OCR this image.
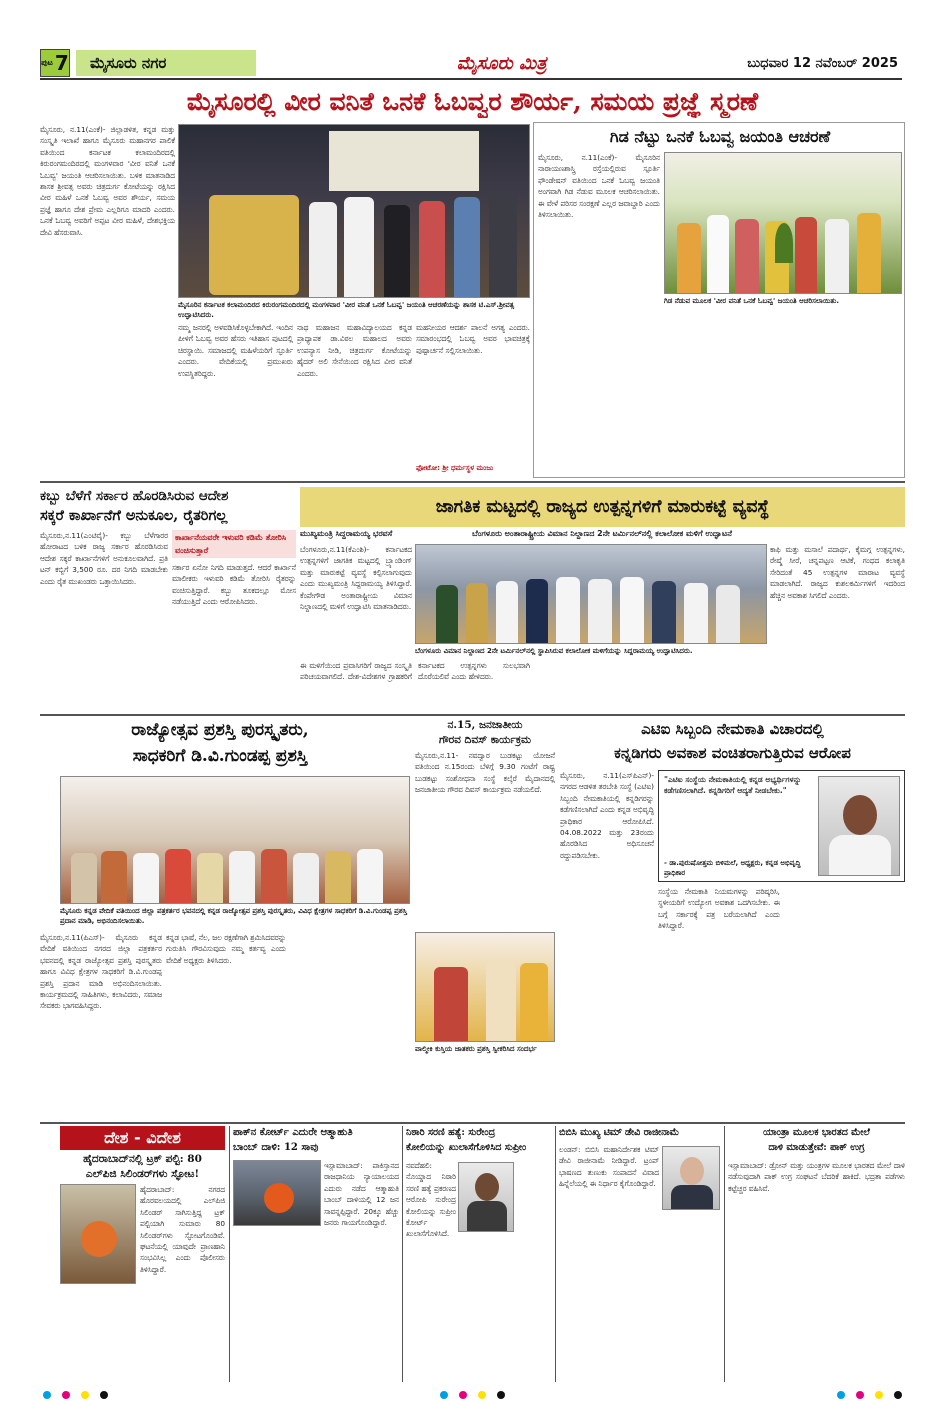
ಪುಟ 7	ಮೈಸೂರು ನಗರ	ಮೈಸೂರು ಮಿತ್ರ	ಬುಧವಾರ 12 ನವೆಂಬರ್ 2025
ಮೈಸೂರಲ್ಲಿ ವೀರ ವನಿತೆ ಒನಕೆ ಓಬವ್ವರ ಶೌರ್ಯ, ಸಮಯ ಪ್ರಜ್ಞೆ ಸ್ಮರಣೆ
ಮೈಸೂರು, ನ.11(ಎಂಕೆ)- ಜಿಲ್ಲಾಡಳಿತ, ಕನ್ನಡ ಮತ್ತು ಸಂಸ್ಕೃತಿ ಇಲಾಖೆ ಹಾಗೂ ಮೈಸೂರು ಮಹಾನಗರ ಪಾಲಿಕೆ ವತಿಯಿಂದ ಕರ್ನಾಟಕ ಕಲಾಮಂದಿರದಲ್ಲಿ ಕಿರುರಂಗಮಂದಿರದಲ್ಲಿ ಮಂಗಳವಾರ 'ವೀರ ವನಿತೆ ಒನಕೆ ಓಬವ್ವ' ಜಯಂತಿ ಆಚರಿಸಲಾಯಿತು. ಬಳಿಕ ಮಾತನಾಡಿದ ಶಾಸಕ ಶ್ರೀವತ್ಸ ಅವರು ಚಿತ್ರದುರ್ಗ ಕೋಟೆಯನ್ನು ರಕ್ಷಿಸಿದ ವೀರ ಮಹಿಳೆ ಒನಕೆ ಓಬವ್ವ ಅವರ ಶೌರ್ಯ, ಸಮಯ ಪ್ರಜ್ಞೆ ಹಾಗೂ ದೇಶ ಪ್ರೇಮ ಎಲ್ಲರಿಗೂ ಮಾದರಿ ಎಂದರು. ಒನಕೆ ಓಬವ್ವ ಅವರಿಗೆ ಅಪ್ಪಟ ವೀರ ಮಹಿಳೆ, ದೇಶಭಕ್ತಿಯ ದೇವಿ ಹೆಸರುವಾಸಿ.
ಮೈಸೂರಿನ ಕರ್ನಾಟಕ ಕಲಾಮಂದಿರದ ಕಿರುರಂಗಮಂದಿರದಲ್ಲಿ ಮಂಗಳವಾರ 'ವೀರ ವನಿತೆ ಒನಕೆ ಓಬವ್ವ' ಜಯಂತಿ ಆಚರಣೆಯನ್ನು ಶಾಸಕ ಟಿ.ಎಸ್.ಶ್ರೀವತ್ಸ ಉದ್ಘಾಟಿಸಿದರು.
ನಮ್ಮ ಜನರಲ್ಲಿ ಅಳವಡಿಸಿಕೊಳ್ಳಬೇಕಾಗಿದೆ. ಇಂದಿನ ಪೀಳಿಗೆ ಓಬವ್ವ ಅವರ ಹೆಸರು ಇತಿಹಾಸ ಪುಟದಲ್ಲಿ ಚಿರಸ್ಥಾಯಿ. ಸಮಾಜದಲ್ಲಿ ಮಹಿಳೆಯರಿಗೆ ಸ್ಫೂರ್ತಿ ಎಂದರು. ವೇದಿಕೆಯಲ್ಲಿ ಪ್ರಮುಖರು ಉಪಸ್ಥಿತರಿದ್ದರು.
ನಾಥ ಮಹಾಜನ ಮಹಾವಿದ್ಯಾಲಯದ ಕನ್ನಡ ಪ್ರಾಧ್ಯಾಪಕ ಡಾ.ವಿಠಲ ಮಹಾಲದ ಅವರು ಉಪನ್ಯಾಸ ನೀಡಿ, ಚಿತ್ರದುರ್ಗ ಕೋಟೆಯನ್ನು ಹೈದರ್ ಅಲಿ ಸೇನೆಯಿಂದ ರಕ್ಷಿಸಿದ ವೀರ ವನಿತೆ ಎಂದರು.
ಮಹನೀಯರ ಆದರ್ಶ ಪಾಲನೆ ಅಗತ್ಯ ಎಂದರು. ಸಮಾರಂಭದಲ್ಲಿ ಓಬವ್ವ ಅವರ ಭಾವಚಿತ್ರಕ್ಕೆ ಪುಷ್ಪಾರ್ಚನೆ ಸಲ್ಲಿಸಲಾಯಿತು.
ಫೋಟೋ: ಶ್ರೀ ಧರ್ಮಸ್ಥಳ ಮಂಜು
ಗಿಡ ನೆಟ್ಟು ಒನಕೆ ಓಬವ್ವ ಜಯಂತಿ ಆಚರಣೆ
ಮೈಸೂರು, ನ.11(ಎಂಕೆ)- ಮೈಸೂರಿನ ನಾರಾಯಣಶಾಸ್ತ್ರಿ ರಸ್ತೆಯಲ್ಲಿರುವ ಸ್ಪೂರ್ತಿ ಫೌಂಡೇಷನ್ ವತಿಯಿಂದ ಒನಕೆ ಓಬವ್ವ ಜಯಂತಿ ಅಂಗವಾಗಿ ಗಿಡ ನೆಡುವ ಮೂಲಕ ಆಚರಿಸಲಾಯಿತು. ಈ ವೇಳೆ ಪರಿಸರ ಸಂರಕ್ಷಣೆ ಎಲ್ಲರ ಜವಾಬ್ದಾರಿ ಎಂದು ತಿಳಿಸಲಾಯಿತು.
ಗಿಡ ನೆಡುವ ಮೂಲಕ 'ವೀರ ವನಿತೆ ಒನಕೆ ಓಬವ್ವ' ಜಯಂತಿ ಆಚರಿಸಲಾಯಿತು.
ಕಬ್ಬು ಬೆಳೆಗೆ ಸರ್ಕಾರ ಹೊರಡಿಸಿರುವ ಆದೇಶ
ಸಕ್ಕರೆ ಕಾರ್ಖಾನೆಗೆ ಅನುಕೂಲ, ರೈತರಿಗಲ್ಲ
ಮೈಸೂರು,ನ.11(ಎಂಟಿವೈ)- ಕಬ್ಬು ಬೆಳೆಗಾರರ ಹೋರಾಟದ ಬಳಿಕ ರಾಜ್ಯ ಸರ್ಕಾರ ಹೊರಡಿಸಿರುವ ಆದೇಶ ಸಕ್ಕರೆ ಕಾರ್ಖಾನೆಗಳಿಗೆ ಅನುಕೂಲವಾಗಿದೆ. ಪ್ರತಿ ಟನ್ ಕಬ್ಬಿಗೆ 3,500 ರೂ. ದರ ನಿಗದಿ ಮಾಡಬೇಕು ಎಂದು ರೈತ ಮುಖಂಡರು ಒತ್ತಾಯಿಸಿದರು.
ಕಾರ್ಖಾನೆಯವರೇ ಇಳುವರಿ ಕಡಿಮೆ ತೋರಿಸಿ ವಂಚಿಸುತ್ತಾರೆ
ಸರ್ಕಾರ ಏನೋ ನಿಗದಿ ಮಾಡುತ್ತದೆ. ಆದರೆ ಕಾರ್ಖಾನೆ ಮಾಲೀಕರು ಇಳುವರಿ ಕಡಿಮೆ ತೋರಿಸಿ ರೈತರನ್ನು ವಂಚಿಸುತ್ತಿದ್ದಾರೆ. ಕಬ್ಬು ತೂಕದಲ್ಲೂ ಮೋಸ ನಡೆಯುತ್ತಿದೆ ಎಂದು ಆರೋಪಿಸಿದರು.
ಜಾಗತಿಕ ಮಟ್ಟದಲ್ಲಿ ರಾಜ್ಯದ ಉತ್ಪನ್ನಗಳಿಗೆ ಮಾರುಕಟ್ಟೆ ವ್ಯವಸ್ಥೆ
ಮುಖ್ಯಮಂತ್ರಿ ಸಿದ್ದರಾಮಯ್ಯ ಭರವಸೆ	ಬೆಂಗಳೂರು ಅಂತಾರಾಷ್ಟ್ರೀಯ ವಿಮಾನ ನಿಲ್ದಾಣದ 2ನೇ ಟರ್ಮಿನಲ್‌ನಲ್ಲಿ ಕಲಾಲೋಕ ಮಳಿಗೆ ಉದ್ಘಾಟನೆ
ಬೆಂಗಳೂರು,ನ.11(ಕೆಎಂಶಿ)- ಕರ್ನಾಟಕದ ಉತ್ಪನ್ನಗಳಿಗೆ ಜಾಗತಿಕ ಮಟ್ಟದಲ್ಲಿ ಬ್ರ್ಯಾಂಡಿಂಗ್ ಮತ್ತು ಮಾರುಕಟ್ಟೆ ವ್ಯವಸ್ಥೆ ಕಲ್ಪಿಸಲಾಗುವುದು ಎಂದು ಮುಖ್ಯಮಂತ್ರಿ ಸಿದ್ದರಾಮಯ್ಯ ತಿಳಿಸಿದ್ದಾರೆ. ಕೆಂಪೇಗೌಡ ಅಂತಾರಾಷ್ಟ್ರೀಯ ವಿಮಾನ ನಿಲ್ದಾಣದಲ್ಲಿ ಮಳಿಗೆ ಉದ್ಘಾಟಿಸಿ ಮಾತನಾಡಿದರು.
ಬೆಂಗಳೂರು ವಿಮಾನ ನಿಲ್ದಾಣದ 2ನೇ ಟರ್ಮಿನಲ್‌ನಲ್ಲಿ ಸ್ಥಾಪಿಸಿರುವ ಕಲಾಲೋಕ ಮಳಿಗೆಯನ್ನು ಸಿದ್ದರಾಮಯ್ಯ ಉದ್ಘಾಟಿಸಿದರು.
ಕಾಫಿ ಮತ್ತು ಮಸಾಲೆ ಪದಾರ್ಥ, ಕೈಮಗ್ಗ ಉತ್ಪನ್ನಗಳು, ರೇಷ್ಮೆ ಸೀರೆ, ಚನ್ನಪಟ್ಟಣ ಆಟಿಕೆ, ಗಂಧದ ಕಲಾಕೃತಿ ಸೇರಿದಂತೆ 45 ಉತ್ಪನ್ನಗಳ ಮಾರಾಟ ವ್ಯವಸ್ಥೆ ಮಾಡಲಾಗಿದೆ. ರಾಜ್ಯದ ಕುಶಲಕರ್ಮಿಗಳಿಗೆ ಇದರಿಂದ ಹೆಚ್ಚಿನ ಅವಕಾಶ ಸಿಗಲಿದೆ ಎಂದರು.
ಈ ಮಳಿಗೆಯಿಂದ ಪ್ರವಾಸಿಗರಿಗೆ ರಾಜ್ಯದ ಸಂಸ್ಕೃತಿ ಪರಿಚಯವಾಗಲಿದೆ. ದೇಶ-ವಿದೇಶಗಳ ಗ್ರಾಹಕರಿಗೆ ಕರ್ನಾಟಕದ ಉತ್ಪನ್ನಗಳು ಸುಲಭವಾಗಿ ದೊರೆಯಲಿವೆ ಎಂದು ಹೇಳಿದರು.
ರಾಜ್ಯೋತ್ಸವ ಪ್ರಶಸ್ತಿ ಪುರಸ್ಕೃತರು,
ಸಾಧಕರಿಗೆ ಡಿ.ವಿ.ಗುಂಡಪ್ಪ ಪ್ರಶಸ್ತಿ
ಮೈಸೂರು ಕನ್ನಡ ವೇದಿಕೆ ವತಿಯಿಂದ ಜಿಲ್ಲಾ ಪತ್ರಕರ್ತರ ಭವನದಲ್ಲಿ ಕನ್ನಡ ರಾಜ್ಯೋತ್ಸವ ಪ್ರಶಸ್ತಿ ಪುರಸ್ಕೃತರು, ವಿವಿಧ ಕ್ಷೇತ್ರಗಳ ಸಾಧಕರಿಗೆ ಡಿ.ವಿ.ಗುಂಡಪ್ಪ ಪ್ರಶಸ್ತಿ ಪ್ರದಾನ ಮಾಡಿ, ಅಭಿನಂದಿಸಲಾಯಿತು.
ಮೈಸೂರು,ನ.11(ಪಿಎಸ್)- ಮೈಸೂರು ಕನ್ನಡ ವೇದಿಕೆ ವತಿಯಿಂದ ನಗರದ ಜಿಲ್ಲಾ ಪತ್ರಕರ್ತರ ಭವನದಲ್ಲಿ ಕನ್ನಡ ರಾಜ್ಯೋತ್ಸವ ಪ್ರಶಸ್ತಿ ಪುರಸ್ಕೃತರು ಹಾಗೂ ವಿವಿಧ ಕ್ಷೇತ್ರಗಳ ಸಾಧಕರಿಗೆ ಡಿ.ವಿ.ಗುಂಡಪ್ಪ ಪ್ರಶಸ್ತಿ ಪ್ರದಾನ ಮಾಡಿ ಅಭಿನಂದಿಸಲಾಯಿತು. ಕಾರ್ಯಕ್ರಮದಲ್ಲಿ ಸಾಹಿತಿಗಳು, ಕಲಾವಿದರು, ಸಮಾಜ ಸೇವಕರು ಭಾಗವಹಿಸಿದ್ದರು.
ಕನ್ನಡ ಭಾಷೆ, ನೆಲ, ಜಲ ರಕ್ಷಣೆಗಾಗಿ ಶ್ರಮಿಸಿದವರನ್ನು ಗುರುತಿಸಿ ಗೌರವಿಸುವುದು ನಮ್ಮ ಕರ್ತವ್ಯ ಎಂದು ವೇದಿಕೆ ಅಧ್ಯಕ್ಷರು ತಿಳಿಸಿದರು.
ನ.15, ಜನಜಾತೀಯ
ಗೌರವ ದಿವಸ್ ಕಾರ್ಯಕ್ರಮ
ಮೈಸೂರು,ನ.11- ನವದ್ವಾರ ಬುಡಕಟ್ಟು ಯೋಜನೆ ವತಿಯಿಂದ ನ.15ರಂದು ಬೆಳಿಗ್ಗೆ 9.30 ಗಂಟೆಗೆ ರಾಷ್ಟ್ರ ಬುಡಕಟ್ಟು ಸಂಶೋಧನಾ ಸಂಸ್ಥೆ ಕಲ್ಕೆರೆ ಮೈದಾನದಲ್ಲಿ ಜನಜಾತೀಯ ಗೌರವ ದಿವಸ್ ಕಾರ್ಯಕ್ರಮ ನಡೆಯಲಿದೆ.
ವಾಲ್ಮೀಕಿ ಕುಸ್ತಿಯ ಜಾತಕರು ಪ್ರಶಸ್ತಿ ಸ್ವೀಕರಿಸಿದ ಸಂದರ್ಭ
ಎಟಿಐ ಸಿಬ್ಬಂದಿ ನೇಮಕಾತಿ ವಿಚಾರದಲ್ಲಿ
ಕನ್ನಡಿಗರು ಅವಕಾಶ ವಂಚಿತರಾಗುತ್ತಿರುವ ಆರೋಪ
ಮೈಸೂರು, ನ.11(ಎಸ್‌ಪಿಎನ್)- ನಗರದ ಆಡಳಿತ ತರಬೇತಿ ಸಂಸ್ಥೆ (ಎಟಿಐ) ಸಿಬ್ಬಂದಿ ನೇಮಕಾತಿಯಲ್ಲಿ ಕನ್ನಡಿಗರನ್ನು ಕಡೆಗಣಿಸಲಾಗಿದೆ ಎಂದು ಕನ್ನಡ ಅಭಿವೃದ್ಧಿ ಪ್ರಾಧಿಕಾರ ಆರೋಪಿಸಿದೆ. 04.08.2022 ಮತ್ತು 23ರಂದು ಹೊರಡಿಸಿದ ಅಧಿಸೂಚನೆ ರದ್ದುಪಡಿಸಬೇಕು.
"ಎಟಿಐ ಸಂಸ್ಥೆಯ ನೇಮಕಾತಿಯಲ್ಲಿ ಕನ್ನಡ ಅಭ್ಯರ್ಥಿಗಳನ್ನು ಕಡೆಗಣಿಸಲಾಗಿದೆ. ಕನ್ನಡಿಗರಿಗೆ ಆದ್ಯತೆ ನೀಡಬೇಕು."
- ಡಾ.ಪುರುಷೋತ್ತಮ ಬಿಳಿಮಲೆ, ಅಧ್ಯಕ್ಷರು, ಕನ್ನಡ ಅಭಿವೃದ್ಧಿ ಪ್ರಾಧಿಕಾರ
ಸಂಸ್ಥೆಯ ನೇಮಕಾತಿ ನಿಯಮಗಳನ್ನು ಪರಿಷ್ಕರಿಸಿ, ಸ್ಥಳೀಯರಿಗೆ ಉದ್ಯೋಗ ಅವಕಾಶ ಒದಗಿಸಬೇಕು. ಈ ಬಗ್ಗೆ ಸರ್ಕಾರಕ್ಕೆ ಪತ್ರ ಬರೆಯಲಾಗಿದೆ ಎಂದು ತಿಳಿಸಿದ್ದಾರೆ.
ದೇಶ - ವಿದೇಶ
ಹೈದರಾಬಾದ್‌ನಲ್ಲಿ ಟ್ರಕ್ ಪಲ್ಟಿ: 80
ಎಲ್‌ಪಿಜಿ ಸಿಲಿಂಡರ್‌ಗಳು ಸ್ಫೋಟ!
ಹೈದರಾಬಾದ್: ನಗರದ ಹೊರವಲಯದಲ್ಲಿ ಎಲ್‌ಪಿಜಿ ಸಿಲಿಂಡರ್ ಸಾಗಿಸುತ್ತಿದ್ದ ಟ್ರಕ್ ಪಲ್ಟಿಯಾಗಿ ಸುಮಾರು 80 ಸಿಲಿಂಡರ್‌ಗಳು ಸ್ಫೋಟಗೊಂಡಿವೆ. ಘಟನೆಯಲ್ಲಿ ಯಾವುದೇ ಪ್ರಾಣಹಾನಿ ಸಂಭವಿಸಿಲ್ಲ ಎಂದು ಪೊಲೀಸರು ತಿಳಿಸಿದ್ದಾರೆ.
ಪಾಕ್‌ನ ಕೋರ್ಟ್ ಎದುರೇ ಆತ್ಮಾಹುತಿ
ಬಾಂಬ್ ದಾಳಿ: 12 ಸಾವು
ಇಸ್ಲಾಮಾಬಾದ್: ಪಾಕಿಸ್ತಾನದ ರಾಜಧಾನಿಯ ನ್ಯಾಯಾಲಯದ ಎದುರು ನಡೆದ ಆತ್ಮಾಹುತಿ ಬಾಂಬ್ ದಾಳಿಯಲ್ಲಿ 12 ಜನ ಸಾವನ್ನಪ್ಪಿದ್ದಾರೆ. 20ಕ್ಕೂ ಹೆಚ್ಚು ಜನರು ಗಾಯಗೊಂಡಿದ್ದಾರೆ.
ನಿಠಾರಿ ಸರಣಿ ಹತ್ಯೆ: ಸುರೇಂದ್ರ
ಕೋಲಿಯನ್ನು ಖುಲಾಸೆಗೊಳಿಸಿದ ಸುಪ್ರೀಂ
ನವದೆಹಲಿ: ನೊಯ್ಡಾದ ನಿಠಾರಿ ಸರಣಿ ಹತ್ಯೆ ಪ್ರಕರಣದ ಆರೋಪಿ ಸುರೇಂದ್ರ ಕೋಲಿಯನ್ನು ಸುಪ್ರೀಂ ಕೋರ್ಟ್ ಖುಲಾಸೆಗೊಳಿಸಿದೆ.
ಬಿಬಿಸಿ ಮುಖ್ಯ ಟಿಮ್ ಡೇವಿ ರಾಜೀನಾಮೆ
ಲಂಡನ್: ಬಿಬಿಸಿ ಮಹಾನಿರ್ದೇಶಕ ಟಿಮ್ ಡೇವಿ ರಾಜೀನಾಮೆ ನೀಡಿದ್ದಾರೆ. ಟ್ರಂಪ್ ಭಾಷಣದ ತುಣುಕು ಸಂಪಾದನೆ ವಿವಾದ ಹಿನ್ನೆಲೆಯಲ್ಲಿ ಈ ನಿರ್ಧಾರ ಕೈಗೊಂಡಿದ್ದಾರೆ.
ಯಾಂತ್ರಾ ಮೂಲಕ ಭಾರತದ ಮೇಲೆ
ದಾಳಿ ಮಾಡುತ್ತೇವೆ: ಪಾಕ್ ಉಗ್ರ
ಇಸ್ಲಾಮಾಬಾದ್: ಡ್ರೋನ್ ಮತ್ತು ಯಂತ್ರಗಳ ಮೂಲಕ ಭಾರತದ ಮೇಲೆ ದಾಳಿ ನಡೆಸುವುದಾಗಿ ಪಾಕ್ ಉಗ್ರ ಸಂಘಟನೆ ಬೆದರಿಕೆ ಹಾಕಿದೆ. ಭದ್ರತಾ ಪಡೆಗಳು ಕಟ್ಟೆಚ್ಚರ ವಹಿಸಿವೆ.
